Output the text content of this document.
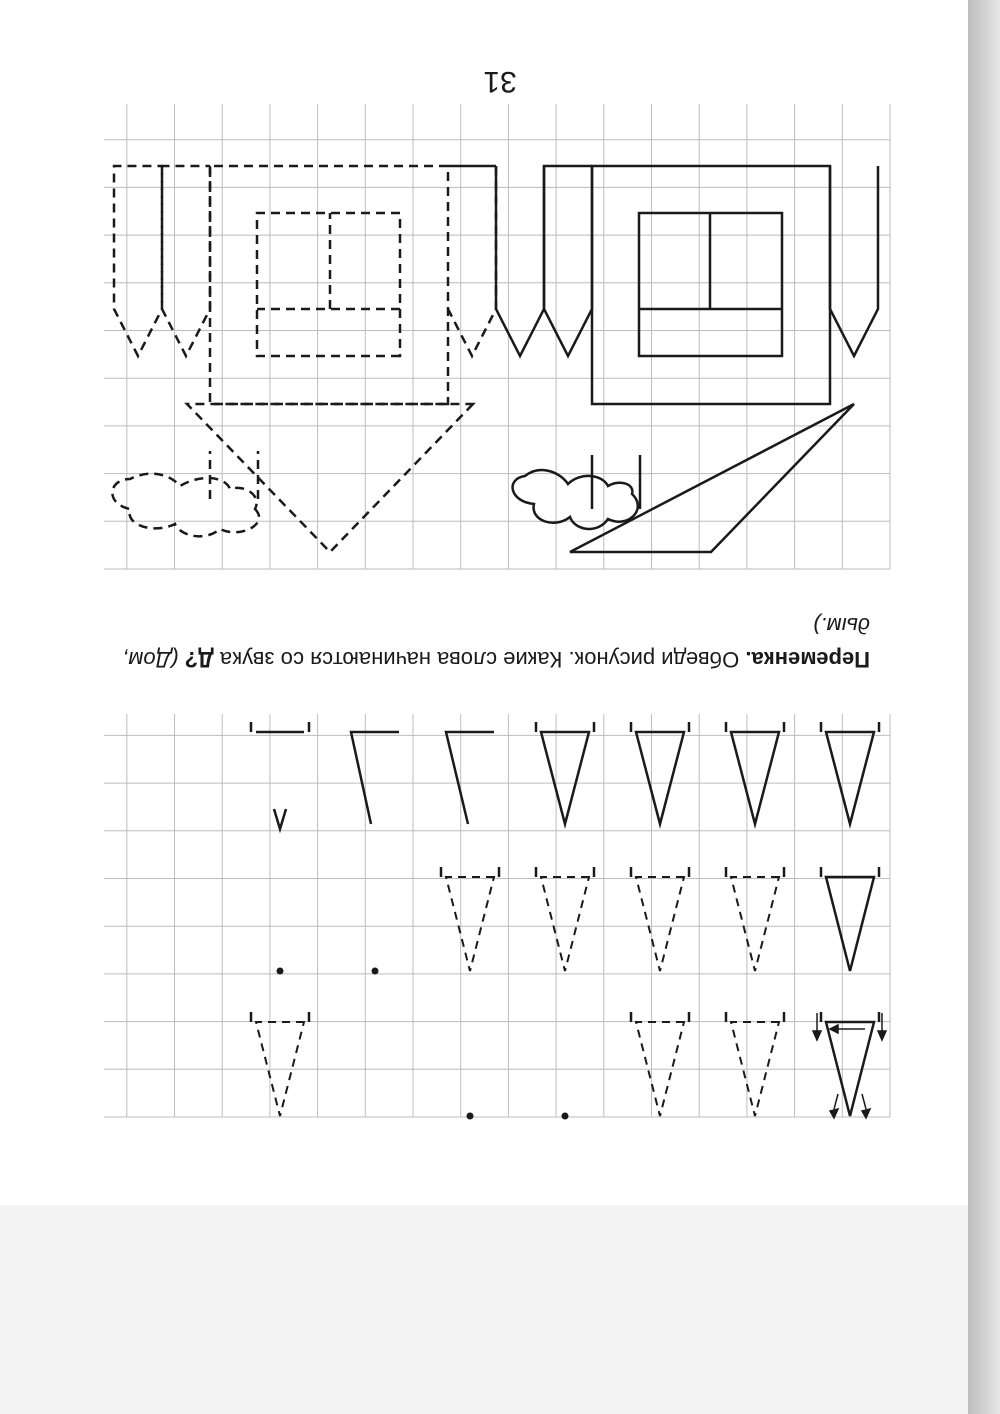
31
Переменка. Обведи рисунок. Какие слова начинаются со звука Д? (Дом, дым.)
